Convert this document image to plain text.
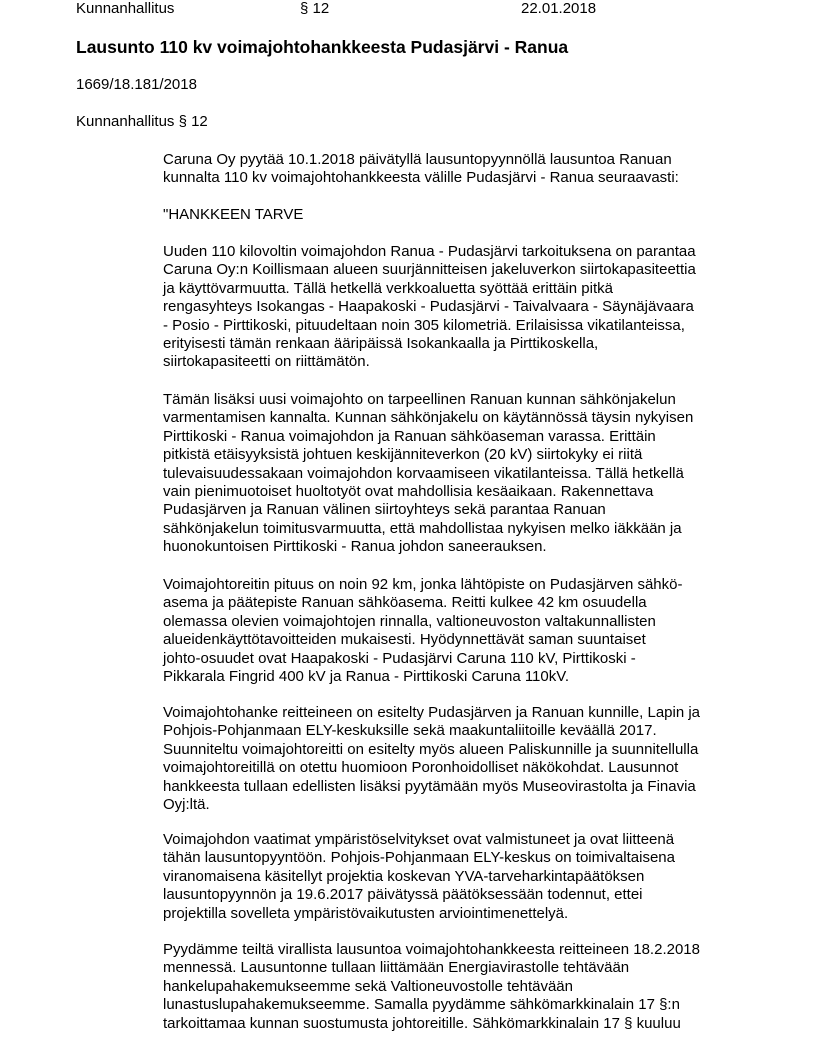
Kunnanhallitus	§ 12	22.01.2018
Lausunto 110 kv voimajohtohankkeesta Pudasjärvi - Ranua
1669/18.181/2018
Kunnanhallitus § 12
Caruna Oy pyytää 10.1.2018 päivätyllä lausuntopyynnöllä lausuntoa Ranuan
kunnalta 110 kv voimajohtohankkeesta välille Pudasjärvi - Ranua seuraavasti:
"HANKKEEN TARVE
Uuden 110 kilovoltin voimajohdon Ranua - Pudasjärvi tarkoituksena on parantaa
Caruna Oy:n Koillismaan alueen suurjännitteisen jakeluverkon siirtokapasiteettia
ja käyttövarmuutta. Tällä hetkellä verkkoaluetta syöttää erittäin pitkä
rengasyhteys Isokangas - Haapakoski - Pudasjärvi - Taivalvaara - Säynäjävaara
- Posio - Pirttikoski, pituudeltaan noin 305 kilometriä. Erilaisissa vikatilanteissa,
erityisesti tämän renkaan ääripäissä Isokankaalla ja Pirttikoskella,
siirtokapasiteetti on riittämätön.
Tämän lisäksi uusi voimajohto on tarpeellinen Ranuan kunnan sähkönjakelun
varmentamisen kannalta. Kunnan sähkönjakelu on käytännössä täysin nykyisen
Pirttikoski - Ranua voimajohdon ja Ranuan sähköaseman varassa. Erittäin
pitkistä etäisyyksistä johtuen keskijänniteverkon (20 kV) siirtokyky ei riitä
tulevaisuudessakaan voimajohdon korvaamiseen vikatilanteissa. Tällä hetkellä
vain pienimuotoiset huoltotyöt ovat mahdollisia kesäaikaan. Rakennettava
Pudasjärven ja Ranuan välinen siirtoyhteys sekä parantaa Ranuan
sähkönjakelun toimitusvarmuutta, että mahdollistaa nykyisen melko iäkkään ja
huonokuntoisen Pirttikoski - Ranua johdon saneerauksen.
Voimajohtoreitin pituus on noin 92 km, jonka lähtöpiste on Pudasjärven sähkö-
asema ja päätepiste Ranuan sähköasema. Reitti kulkee 42 km osuudella
olemassa olevien voimajohtojen rinnalla, valtioneuvoston valtakunnallisten
alueidenkäyttötavoitteiden mukaisesti. Hyödynnettävät saman suuntaiset
johto-osuudet ovat Haapakoski - Pudasjärvi Caruna 110 kV, Pirttikoski -
Pikkarala Fingrid 400 kV ja Ranua - Pirttikoski Caruna 110kV.
Voimajohtohanke reitteineen on esitelty Pudasjärven ja Ranuan kunnille, Lapin ja
Pohjois-Pohjanmaan ELY-keskuksille sekä maakuntaliitoille keväällä 2017.
Suunniteltu voimajohtoreitti on esitelty myös alueen Paliskunnille ja suunnitellulla
voimajohtoreitillä on otettu huomioon Poronhoidolliset näkökohdat. Lausunnot
hankkeesta tullaan edellisten lisäksi pyytämään myös Museovirastolta ja Finavia
Oyj:ltä.
Voimajohdon vaatimat ympäristöselvitykset ovat valmistuneet ja ovat liitteenä
tähän lausuntopyyntöön. Pohjois-Pohjanmaan ELY-keskus on toimivaltaisena
viranomaisena käsitellyt projektia koskevan YVA-tarveharkintapäätöksen
lausuntopyynnön ja 19.6.2017 päivätyssä päätöksessään todennut, ettei
projektilla sovelleta ympäristövaikutusten arviointimenettelyä.
Pyydämme teiltä virallista lausuntoa voimajohtohankkeesta reitteineen 18.2.2018
mennessä. Lausuntonne tullaan liittämään Energiavirastolle tehtävään
hankelupahakemukseemme sekä Valtioneuvostolle tehtävään
lunastuslupahakemukseemme. Samalla pyydämme sähkömarkkinalain 17 §:n
tarkoittamaa kunnan suostumusta johtoreitille. Sähkömarkkinalain 17 § kuuluu
